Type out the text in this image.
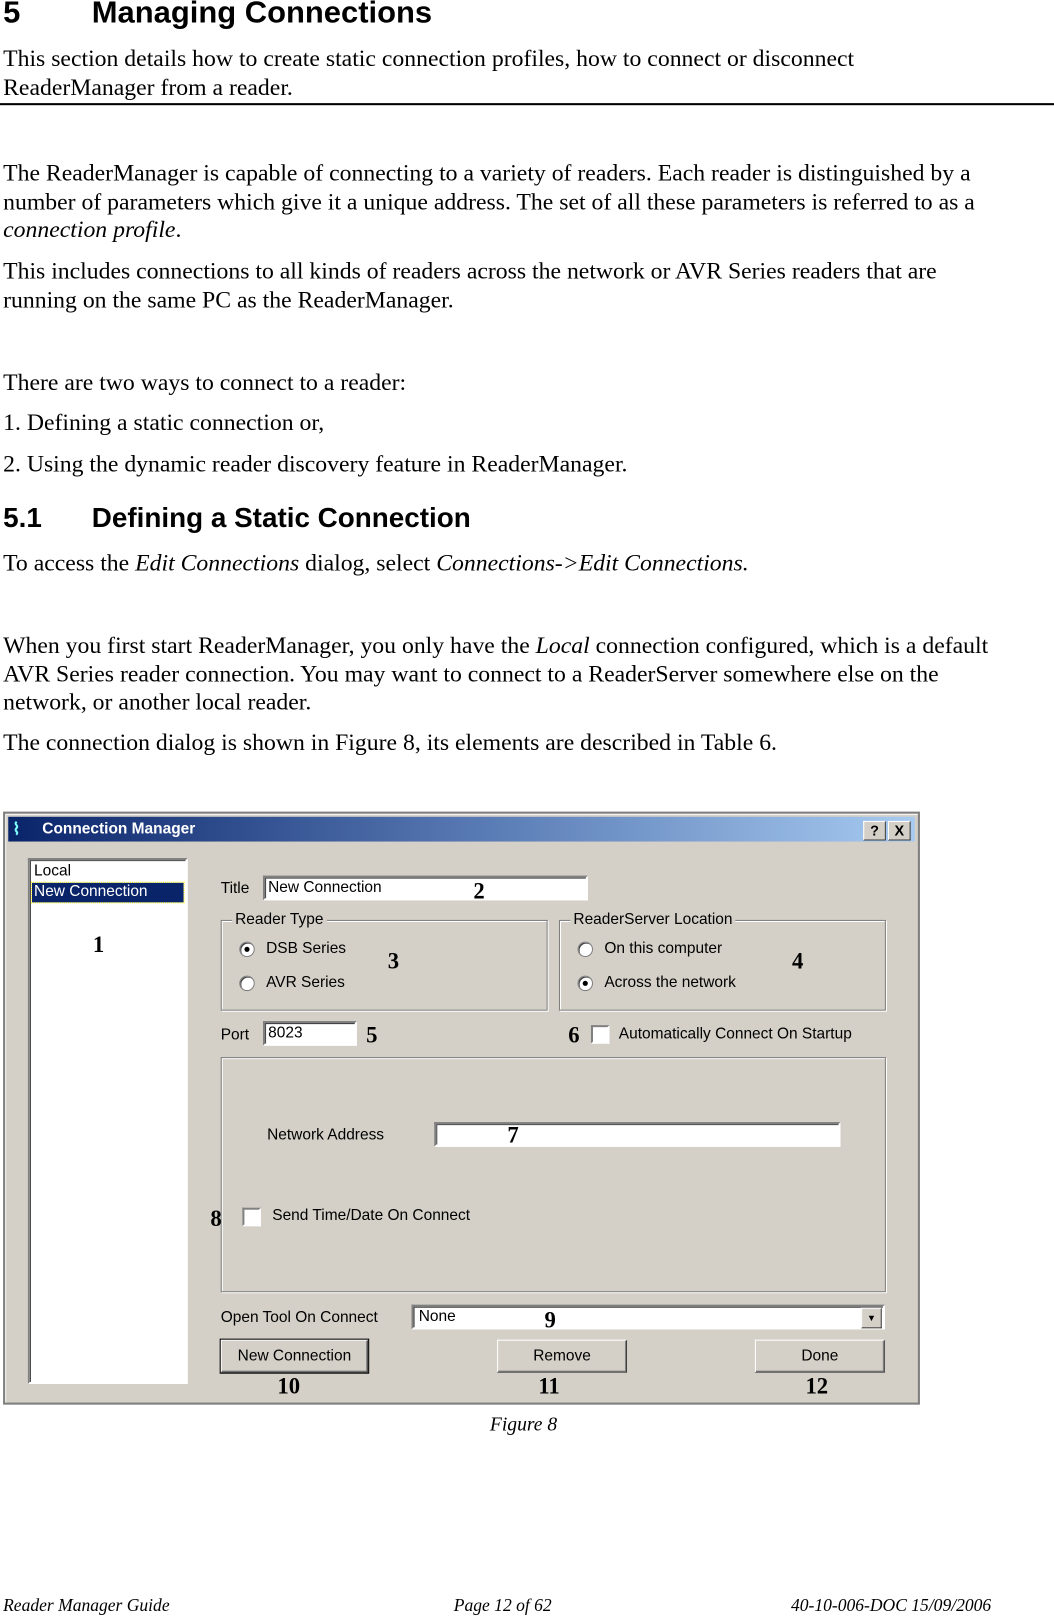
5 Managing Connections
This section details how to create static connection profiles, how to connect or disconnect
ReaderManager from a reader.
The ReaderManager is capable of connecting to a variety of readers. Each reader is distinguished by a
number of parameters which give it a unique address. The set of all these parameters is referred to as a
connection profile.
This includes connections to all kinds of readers across the network or AVR Series readers that are
running on the same PC as the ReaderManager.
There are two ways to connect to a reader:
1. Defining a static connection or,
2. Using the dynamic reader discovery feature in ReaderManager.
5.1 Defining a Static Connection
To access the Edit Connections dialog, select Connections->Edit Connections.
When you first start ReaderManager, you only have the Local connection configured, which is a default
AVR Series reader connection. You may want to connect to a ReaderServer somewhere else on the
network, or another local reader.
The connection dialog is shown in Figure 8, its elements are described in Table 6.
⌇ Connection Manager	?	X
Local
New Connection
1
Title New Connection	2
Reader Type
DSB Series
AVR Series
3
ReaderServer Location
On this computer
Across the network
4
Port 8023	5	6	Automatically Connect On Startup
Network Address	7
Send Time/Date On Connect
8
Open Tool On Connect	None	▼
9
New Connection	Remove	Done
10	11	12
Figure 8
Reader Manager Guide	Page 12 of 62	40-10-006-DOC 15/09/2006
